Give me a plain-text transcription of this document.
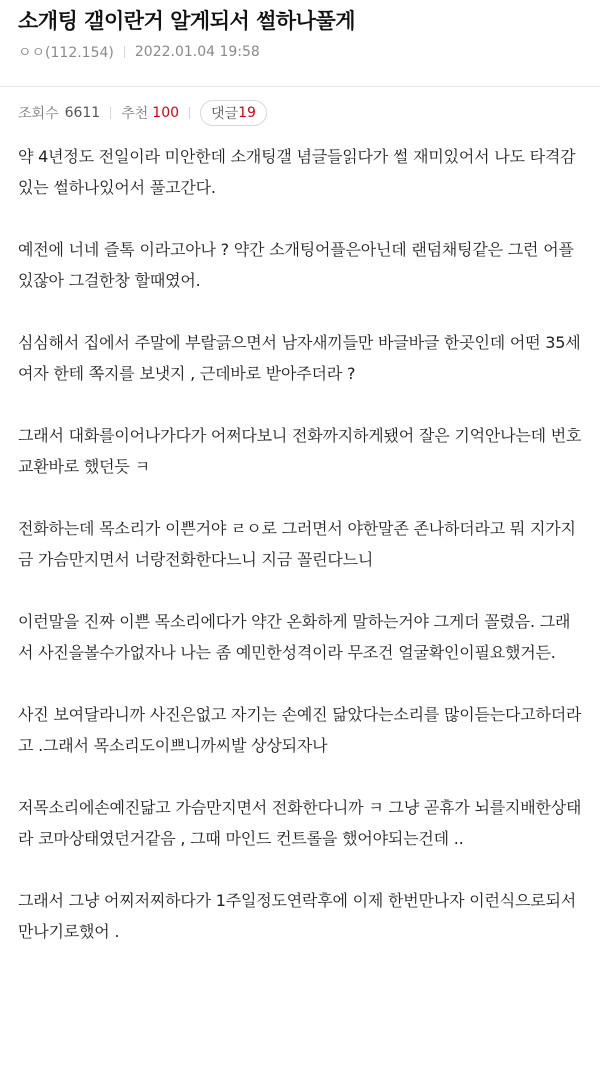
소개팅 갤이란거 알게되서 썰하나풀게
ㅇㅇ(112.154) 2022.01.04 19:58
조회수 6611 추천 100 댓글 19

약 4년정도 전일이라 미안한데 소개팅갤 념글들읽다가 썰 재미있어서 나도 타격감있는 썰하나있어서 풀고간다.

예전에 너네 즐톡 이라고아나 ? 약간 소개팅어플은아닌데 랜덤채팅같은 그런 어플있잖아 그걸한창 할때였어.

심심해서 집에서 주말에 부랄긁으면서 남자새끼들만 바글바글 한곳인데 어떤 35세여자 한테 쪽지를 보냇지 , 근데바로 받아주더라 ?

그래서 대화를이어나가다가 어쩌다보니 전화까지하게됐어 잘은 기억안나는데 번호교환바로 했던듯 ㅋ

전화하는데 목소리가 이쁜거야 ㄹㅇ로 그러면서 야한말존 존나하더라고 뭐 지가지금 가슴만지면서 너랑전화한다느니 지금 꼴린다느니

이런말을 진짜 이쁜 목소리에다가 약간 온화하게 말하는거야 그게더 꼴렸음. 그래서 사진을볼수가없자나 나는 좀 예민한성격이라 무조건 얼굴확인이필요했거든.

사진 보여달라니까 사진은없고 자기는 손예진 닮았다는소리를 많이듣는다고하더라고 .그래서 목소리도이쁘니까씨발 상상되자나

저목소리에손예진닮고 가슴만지면서 전화한다니까 ㅋ 그냥 곧휴가 뇌를지배한상태라 코마상태였던거같음 , 그때 마인드 컨트롤을 했어야되는건데 ..

그래서 그냥 어찌저찌하다가 1주일정도연락후에 이제 한번만나자 이런식으로되서 만나기로했어 .
